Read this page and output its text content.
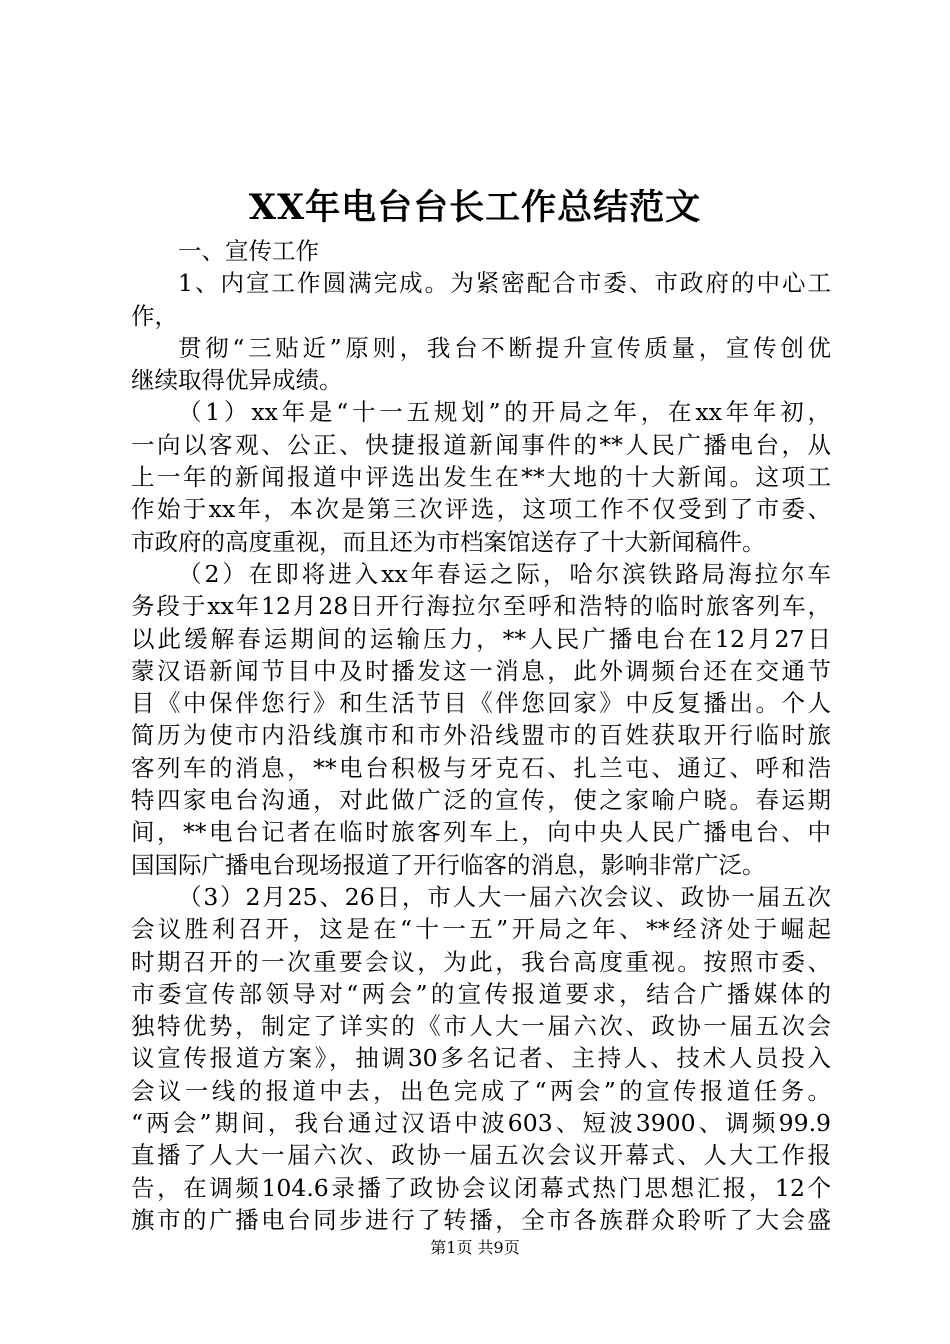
XX年电台台长工作总结范文
一、宣传工作
1、内宣工作圆满完成。为紧密配合市委、市政府的中心工
作，
贯彻“三贴近”原则，我台不断提升宣传质量，宣传创优
继续取得优异成绩。
（1）xx年是“十一五规划”的开局之年，在xx年年初，
一向以客观、公正、快捷报道新闻事件的**人民广播电台，从
上一年的新闻报道中评选出发生在**大地的十大新闻。这项工
作始于xx年，本次是第三次评选，这项工作不仅受到了市委、
市政府的高度重视，而且还为市档案馆送存了十大新闻稿件。
（2）在即将进入xx年春运之际，哈尔滨铁路局海拉尔车
务段于xx年12月28日开行海拉尔至呼和浩特的临时旅客列车，
以此缓解春运期间的运输压力，**人民广播电台在12月27日
蒙汉语新闻节目中及时播发这一消息，此外调频台还在交通节
目《中保伴您行》和生活节目《伴您回家》中反复播出。个人
简历为使市内沿线旗市和市外沿线盟市的百姓获取开行临时旅
客列车的消息，**电台积极与牙克石、扎兰屯、通辽、呼和浩
特四家电台沟通，对此做广泛的宣传，使之家喻户晓。春运期
间，**电台记者在临时旅客列车上，向中央人民广播电台、中
国国际广播电台现场报道了开行临客的消息，影响非常广泛。
（3）2月25、26日，市人大一届六次会议、政协一届五次
会议胜利召开，这是在“十一五”开局之年、**经济处于崛起
时期召开的一次重要会议，为此，我台高度重视。按照市委、
市委宣传部领导对“两会”的宣传报道要求，结合广播媒体的
独特优势，制定了详实的《市人大一届六次、政协一届五次会
议宣传报道方案》，抽调30多名记者、主持人、技术人员投入
会议一线的报道中去，出色完成了“两会”的宣传报道任务。
“两会”期间，我台通过汉语中波603、短波3900、调频99.9
直播了人大一届六次、政协一届五次会议开幕式、人大工作报
告，在调频104.6录播了政协会议闭幕式热门思想汇报，12个
旗市的广播电台同步进行了转播，全市各族群众聆听了大会盛
第1页 共9页
